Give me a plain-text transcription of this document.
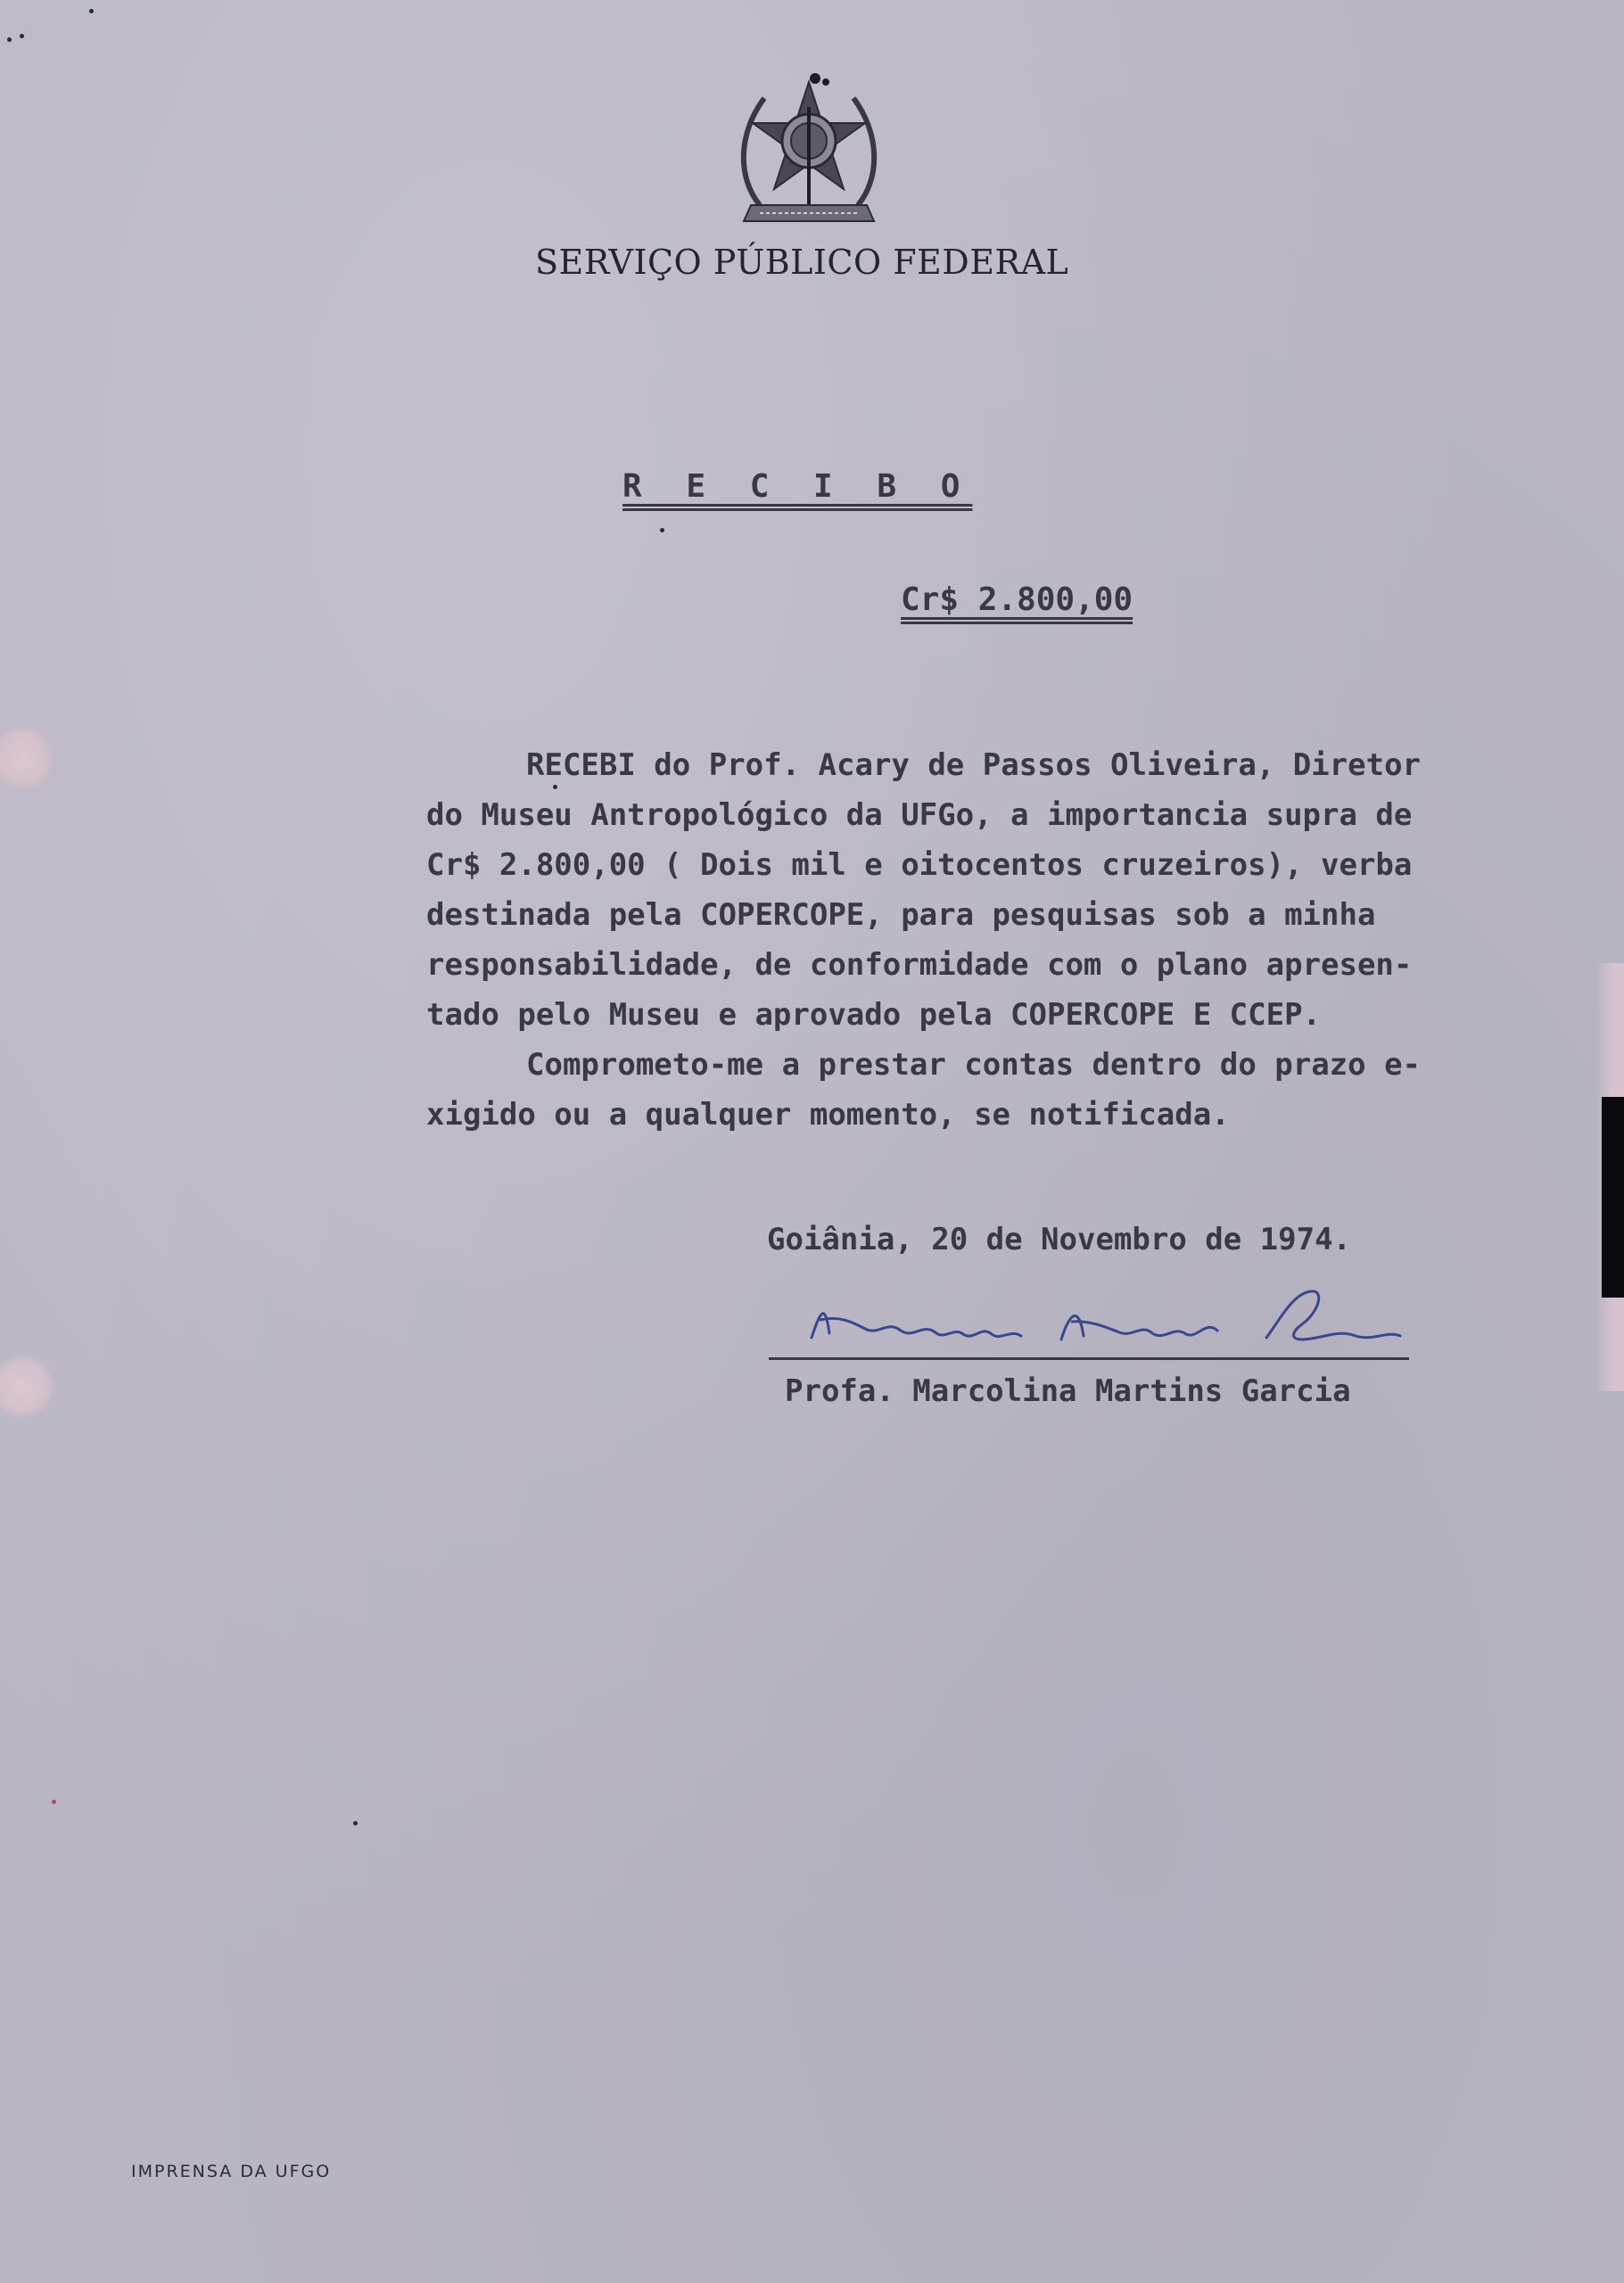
SERVIÇO PÚBLICO FEDERAL
R E C I B O
Cr$ 2.800,00
RECEBI do Prof. Acary de Passos Oliveira, Diretor
do Museu Antropológico da UFGo, a importancia supra de
Cr$ 2.800,00 ( Dois mil e oitocentos cruzeiros), verba
destinada pela COPERCOPE, para pesquisas sob a minha
responsabilidade, de conformidade com o plano apresen-
tado pelo Museu e aprovado pela COPERCOPE E CCEP.
Comprometo-me a prestar contas dentro do prazo e-
xigido ou a qualquer momento, se notificada.
Goiânia, 20 de Novembro de 1974.
Profa. Marcolina Martins Garcia
IMPRENSA DA UFGO
